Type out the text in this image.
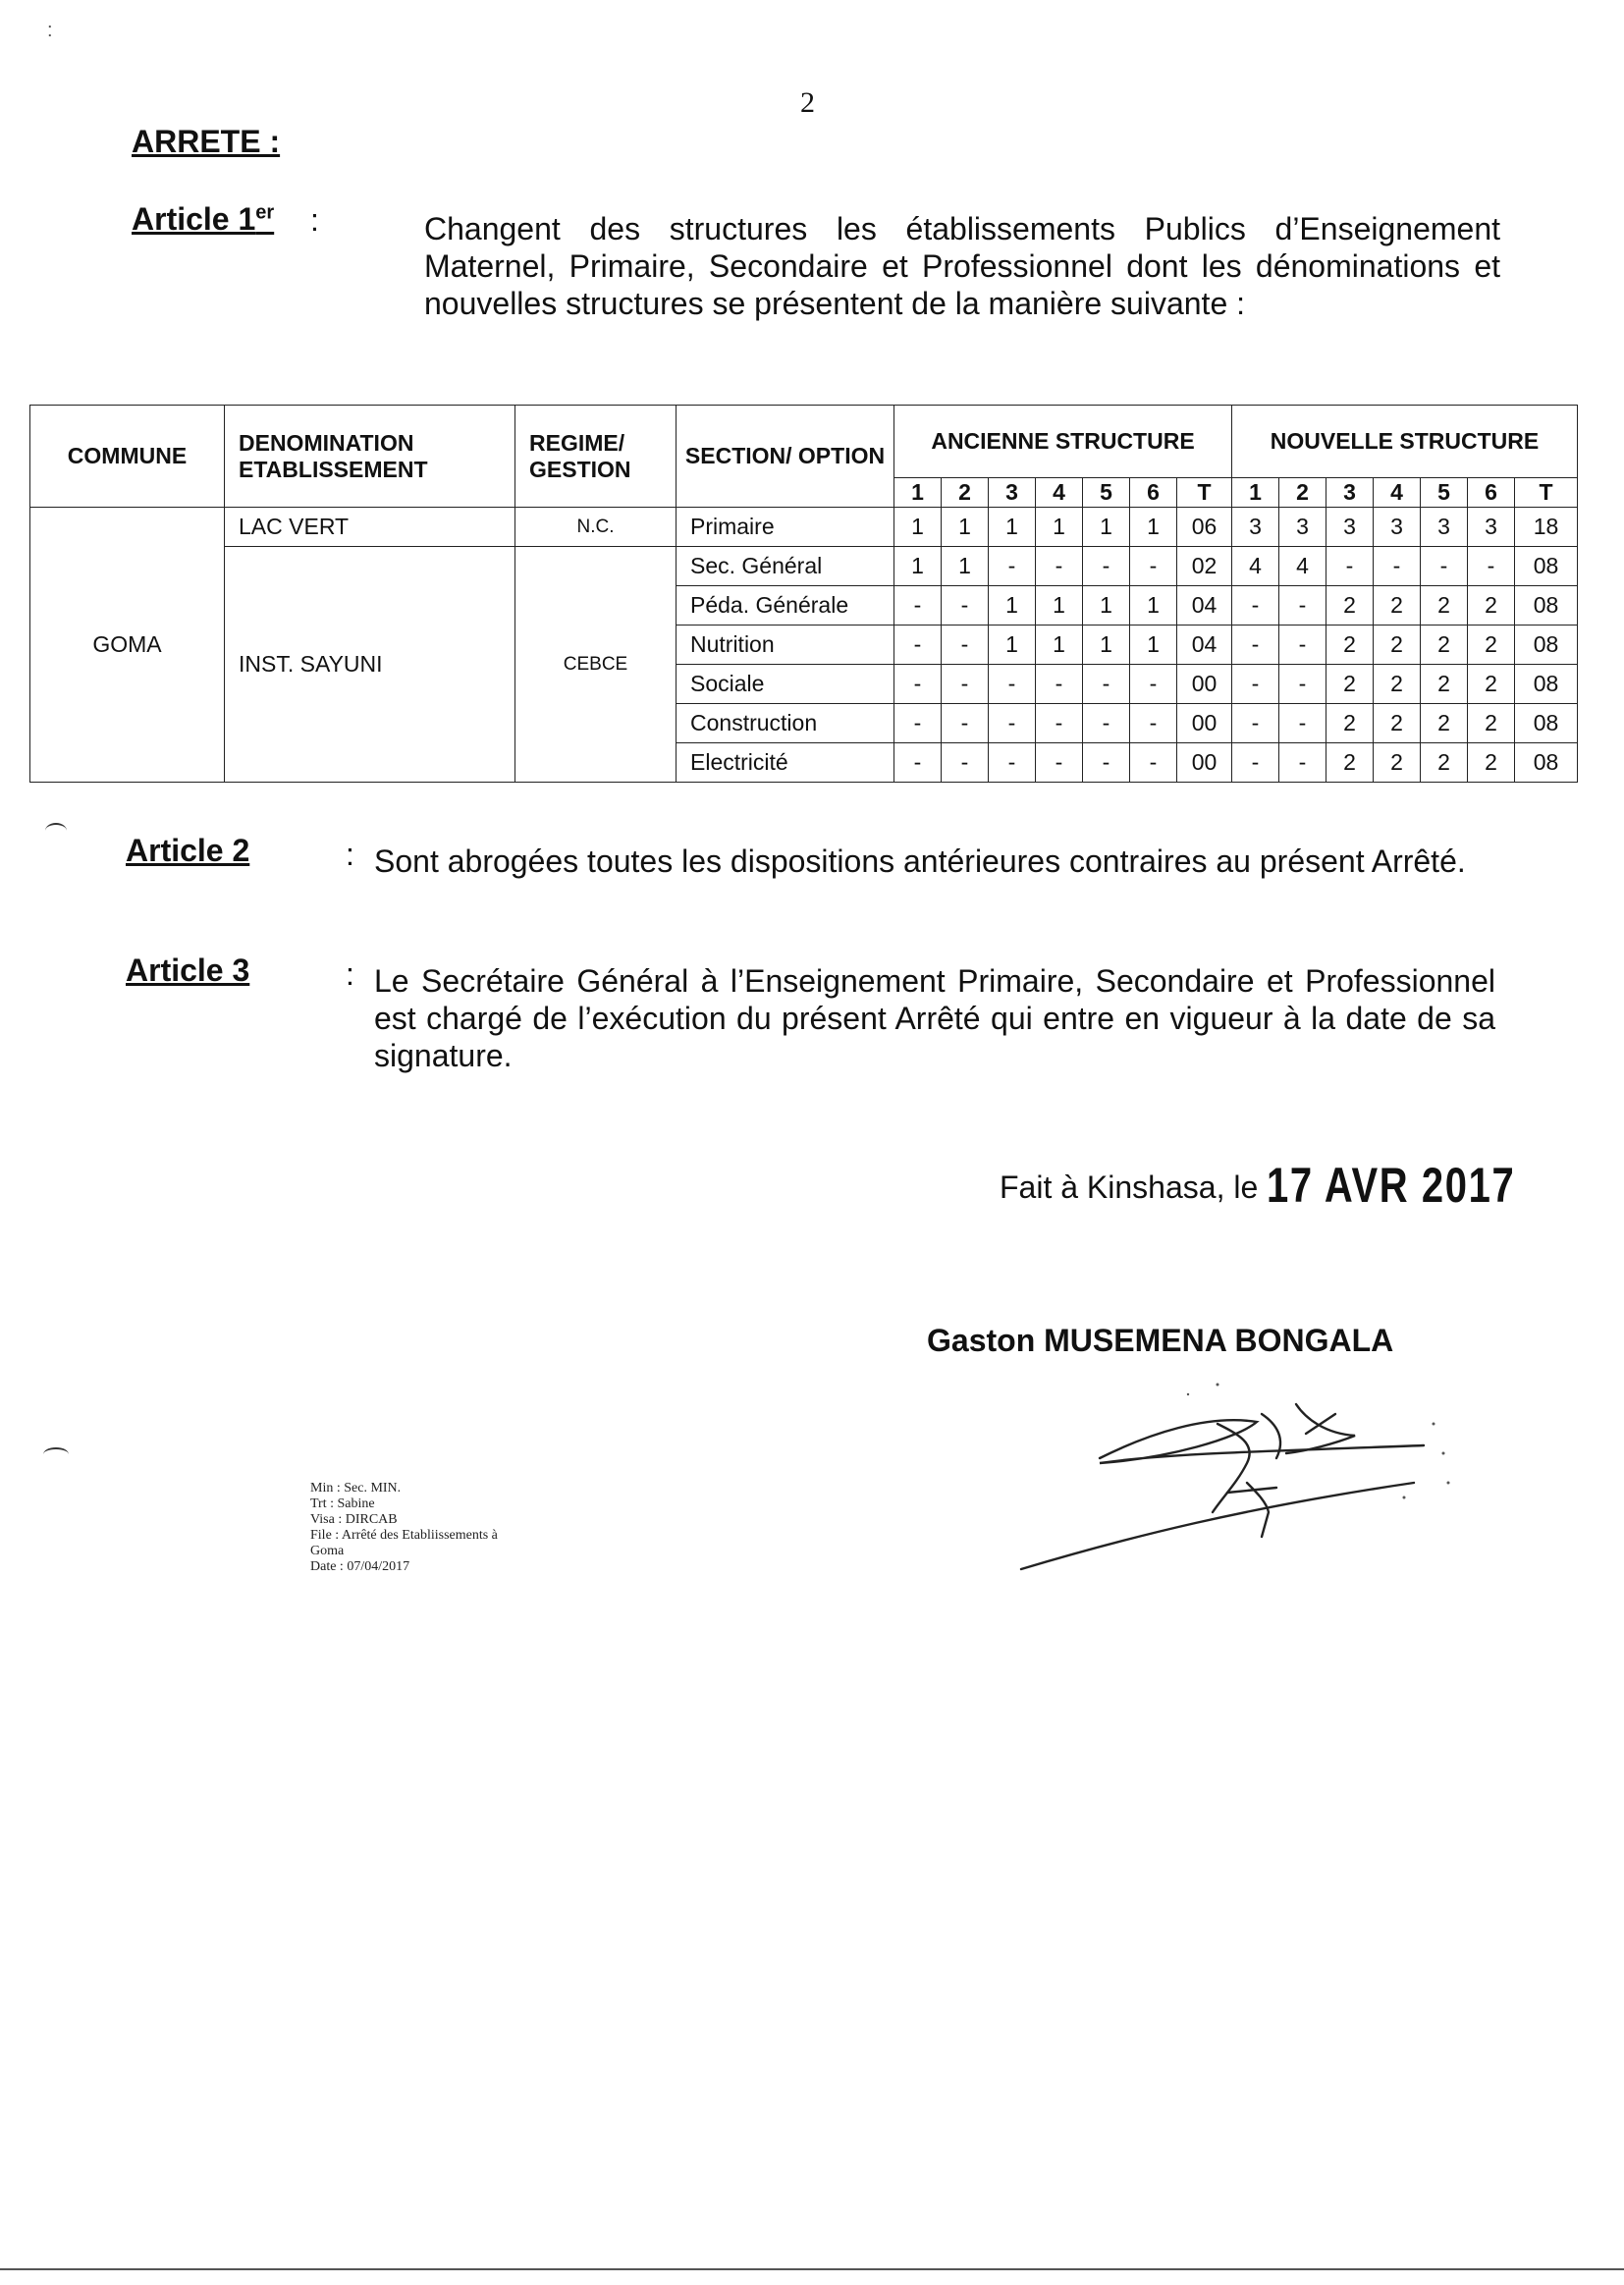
:
2
ARRETE :
Article 1er :	Changent des structures les établissements Publics d’Enseignement Maternel, Primaire, Secondaire et Professionnel dont les dénominations et nouvelles structures se présentent de la manière suivante :
COMMUNE	DENOMINATION ETABLISSEMENT	REGIME/ GESTION	SECTION/ OPTION	ANCIENNE STRUCTURE							NOUVELLE STRUCTURE						
				1	2	3	4	5	6	T	1	2	3	4	5	6	T
GOMA	LAC VERT	N.C.	Primaire	1	1	1	1	1	1	06	3	3	3	3	3	3	18
	INST. SAYUNI	CEBCE	Sec. Général	1	1	-	-	-	-	02	4	4	-	-	-	-	08
			Péda. Générale	-	-	1	1	1	1	04	-	-	2	2	2	2	08
			Nutrition	-	-	1	1	1	1	04	-	-	2	2	2	2	08
			Sociale	-	-	-	-	-	-	00	-	-	2	2	2	2	08
			Construction	-	-	-	-	-	-	00	-	-	2	2	2	2	08
			Electricité	-	-	-	-	-	-	00	-	-	2	2	2	2	08
Article 2	: Sont abrogées toutes les dispositions antérieures contraires au présent Arrêté.
Article 3	: Le Secrétaire Général à l’Enseignement Primaire, Secondaire et Professionnel est chargé de l’exécution du présent Arrêté qui entre en vigueur à la date de sa signature.
Fait à Kinshasa, le 17 AVR 2017
Gaston MUSEMENA BONGALA
Min : Sec. MIN.
Trt : Sabine
Visa : DIRCAB
File : Arrêté des Etabliissements à
Goma
Date : 07/04/2017
